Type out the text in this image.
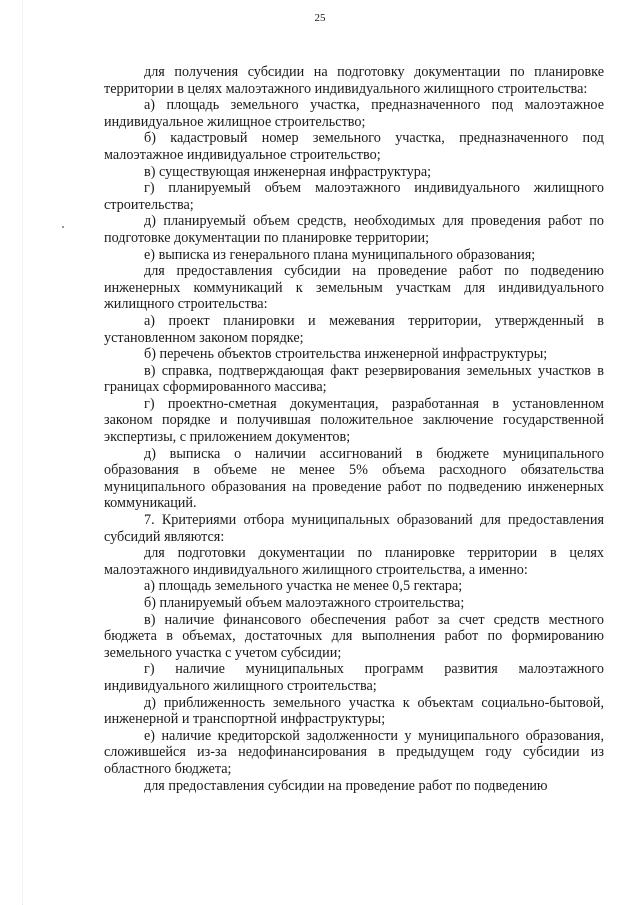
25

для получения субсидии на подготовку документации по планировке территории в целях малоэтажного индивидуального жилищного строительства:

а) площадь земельного участка, предназначенного под малоэтажное индивидуальное жилищное строительство;

б) кадастровый номер земельного участка, предназначенного под малоэтажное индивидуальное строительство;

в) существующая инженерная инфраструктура;

г) планируемый объем малоэтажного индивидуального жилищного строительства;

д) планируемый объем средств, необходимых для проведения работ по подготовке документации по планировке территории;

е) выписка из генерального плана муниципального образования;

для предоставления субсидии на проведение работ по подведению инженерных коммуникаций к земельным участкам для индивидуального жилищного строительства:

а) проект планировки и межевания территории, утвержденный в установленном законом порядке;

б) перечень объектов строительства инженерной инфраструктуры;

в) справка, подтверждающая факт резервирования земельных участков в границах сформированного массива;

г) проектно-сметная документация, разработанная в установленном законом порядке и получившая положительное заключение государственной экспертизы, с приложением документов;

д) выписка о наличии ассигнований в бюджете муниципального образования в объеме не менее 5% объема расходного обязательства муниципального образования на проведение работ по подведению инженерных коммуникаций.

7. Критериями отбора муниципальных образований для предоставления субсидий являются:

для подготовки документации по планировке территории в целях малоэтажного индивидуального жилищного строительства, а именно:

а) площадь земельного участка не менее 0,5 гектара;

б) планируемый объем малоэтажного строительства;

в) наличие финансового обеспечения работ за счет средств местного бюджета в объемах, достаточных для выполнения работ по формированию земельного участка с учетом субсидии;

г) наличие муниципальных программ развития малоэтажного индивидуального жилищного строительства;

д) приближенность земельного участка к объектам социально-бытовой, инженерной и транспортной инфраструктуры;

е) наличие кредиторской задолженности у муниципального образования, сложившейся из-за недофинансирования в предыдущем году субсидии из областного бюджета;

для предоставления субсидии на проведение работ по подведению
